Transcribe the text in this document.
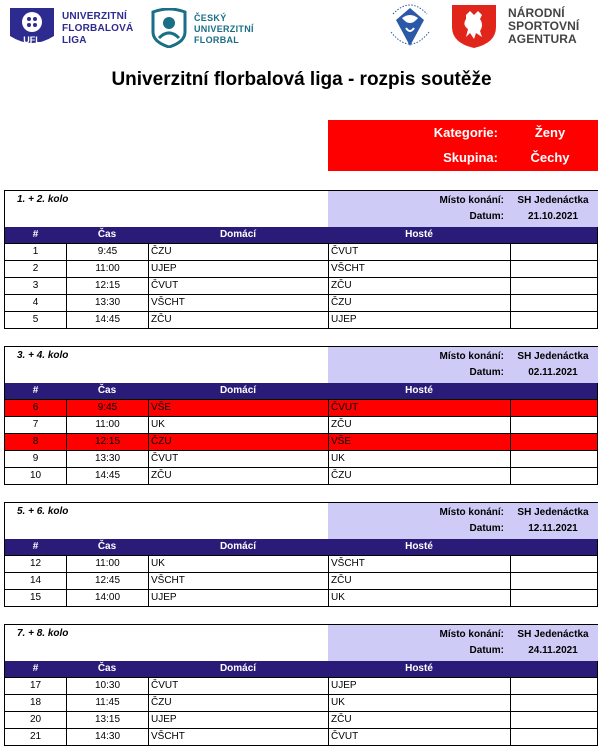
UFL
UNIVERZITNÍ
FLORBALOVÁ
LIGA
ČESKÝ
UNIVERZITNÍ
FLORBAL
NÁRODNÍ
SPORTOVNÍ
AGENTURA
Univerzitní florbalová liga - rozpis soutěže
Kategorie:	Ženy
Skupina:	Čechy
1. + 2. kolo	Místo konání:	SH Jedenáctka
Datum:	21.10.2021
#	Čas	Domácí	Hosté
1	9:45	ČZU	ČVUT
2	11:00	UJEP	VŠCHT
3	12:15	ČVUT	ZČU
4	13:30	VŠCHT	ČZU
5	14:45	ZČU	UJEP
3. + 4. kolo	Místo konání:	SH Jedenáctka
Datum:	02.11.2021
#	Čas	Domácí	Hosté
6	9:45	VŠE	ČVUT
7	11:00	UK	ZČU
8	12:15	ČZU	VŠE
9	13:30	ČVUT	UK
10	14:45	ZČU	ČZU
5. + 6. kolo	Místo konání:	SH Jedenáctka
Datum:	12.11.2021
#	Čas	Domácí	Hosté
12	11:00	UK	VŠCHT
14	12:45	VŠCHT	ZČU
15	14:00	UJEP	UK
7. + 8. kolo	Místo konání:	SH Jedenáctka
Datum:	24.11.2021
#	Čas	Domácí	Hosté
17	10:30	ČVUT	UJEP
18	11:45	ČZU	UK
20	13:15	UJEP	ZČU
21	14:30	VŠCHT	ČVUT
